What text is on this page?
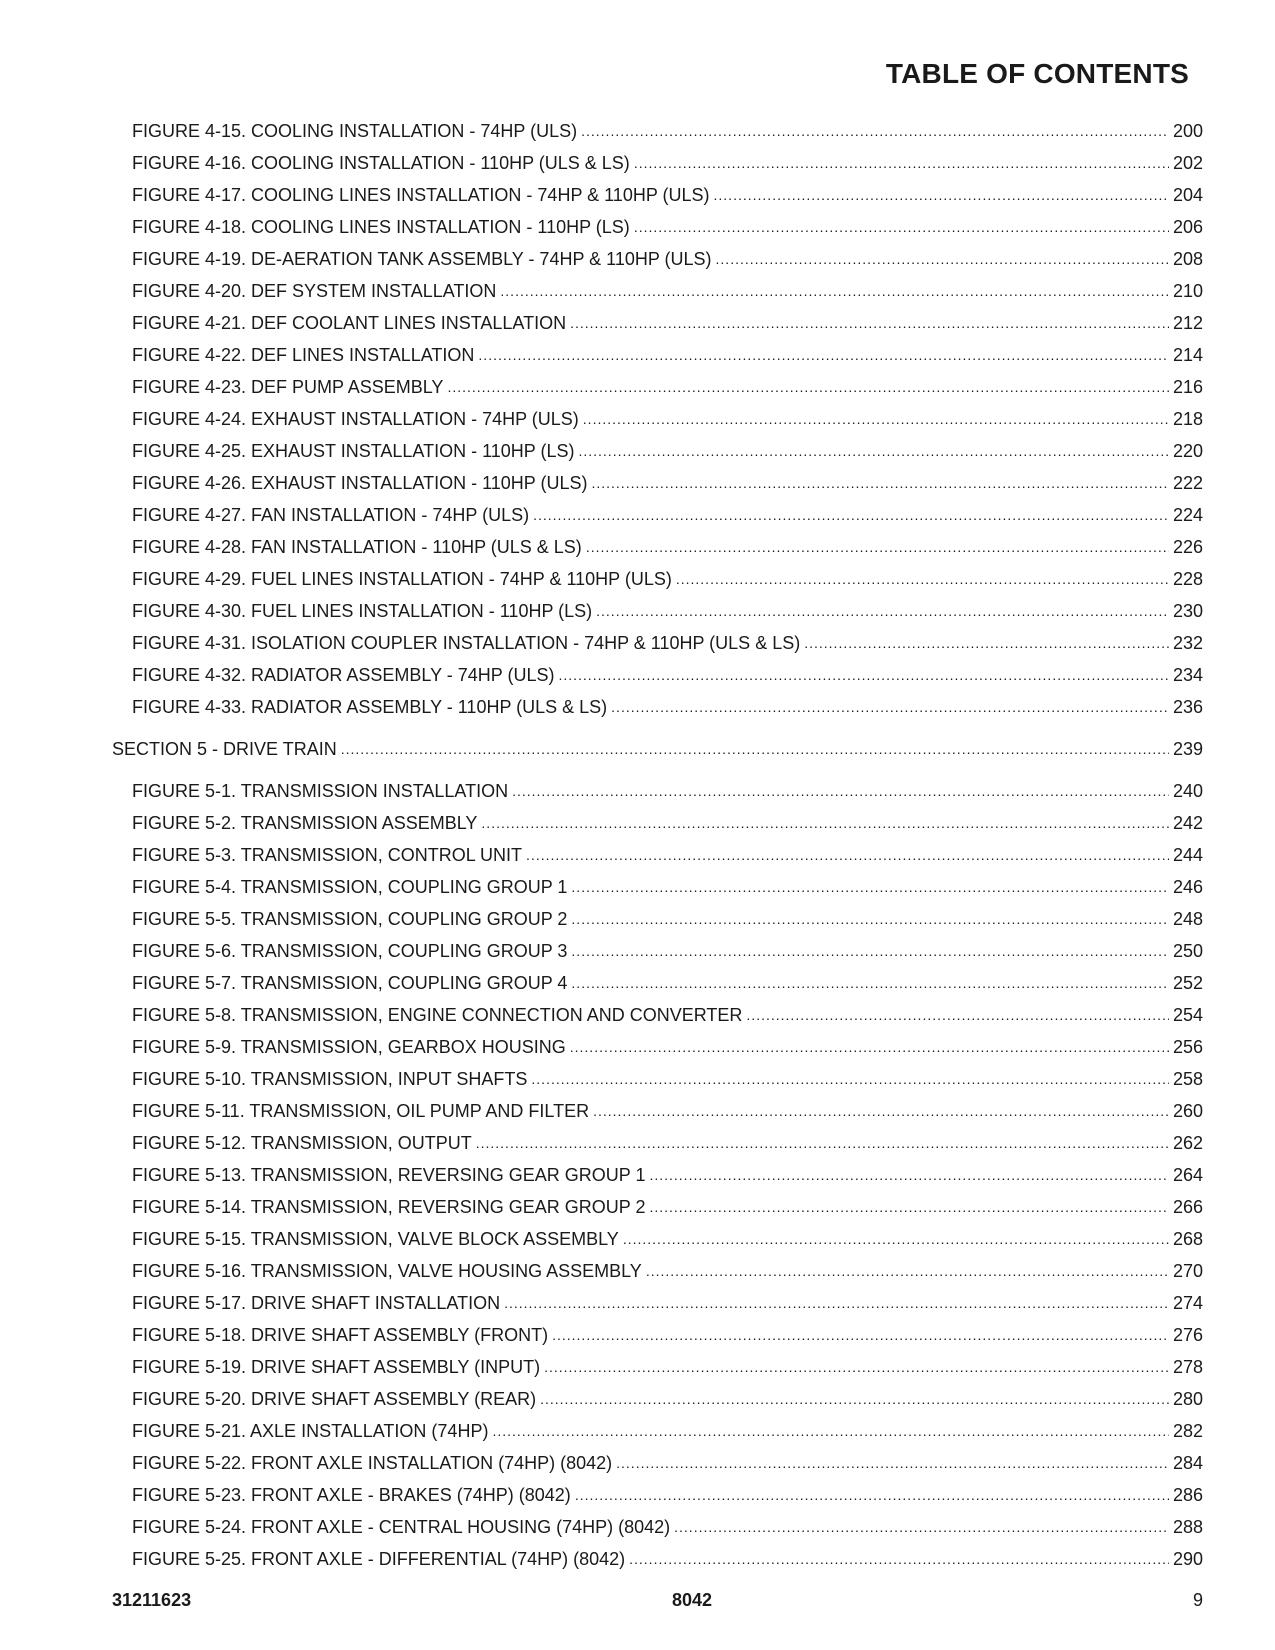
TABLE OF CONTENTS
FIGURE 4-15. COOLING INSTALLATION - 74HP (ULS) .....	200
FIGURE 4-16. COOLING INSTALLATION - 110HP (ULS & LS) .....	202
FIGURE 4-17. COOLING LINES INSTALLATION - 74HP & 110HP (ULS) .....	204
FIGURE 4-18. COOLING LINES INSTALLATION - 110HP (LS) .....	206
FIGURE 4-19. DE-AERATION TANK ASSEMBLY - 74HP & 110HP (ULS) .....	208
FIGURE 4-20. DEF SYSTEM INSTALLATION .....	210
FIGURE 4-21. DEF COOLANT LINES INSTALLATION .....	212
FIGURE 4-22. DEF LINES INSTALLATION .....	214
FIGURE 4-23. DEF PUMP ASSEMBLY .....	216
FIGURE 4-24. EXHAUST INSTALLATION - 74HP (ULS) .....	218
FIGURE 4-25. EXHAUST INSTALLATION - 110HP (LS) .....	220
FIGURE 4-26. EXHAUST INSTALLATION - 110HP (ULS) .....	222
FIGURE 4-27. FAN INSTALLATION - 74HP (ULS) .....	224
FIGURE 4-28. FAN INSTALLATION - 110HP (ULS & LS) .....	226
FIGURE 4-29. FUEL LINES INSTALLATION - 74HP & 110HP (ULS) .....	228
FIGURE 4-30. FUEL LINES INSTALLATION - 110HP (LS) .....	230
FIGURE 4-31. ISOLATION COUPLER INSTALLATION - 74HP & 110HP (ULS & LS) .....	232
FIGURE 4-32. RADIATOR ASSEMBLY - 74HP (ULS) .....	234
FIGURE 4-33. RADIATOR ASSEMBLY - 110HP (ULS & LS) .....	236
SECTION 5 - DRIVE TRAIN .....	239
FIGURE 5-1. TRANSMISSION INSTALLATION .....	240
FIGURE 5-2. TRANSMISSION ASSEMBLY .....	242
FIGURE 5-3. TRANSMISSION, CONTROL UNIT .....	244
FIGURE 5-4. TRANSMISSION, COUPLING GROUP 1 .....	246
FIGURE 5-5. TRANSMISSION, COUPLING GROUP 2 .....	248
FIGURE 5-6. TRANSMISSION, COUPLING GROUP 3 .....	250
FIGURE 5-7. TRANSMISSION, COUPLING GROUP 4 .....	252
FIGURE 5-8. TRANSMISSION, ENGINE CONNECTION AND CONVERTER .....	254
FIGURE 5-9. TRANSMISSION, GEARBOX HOUSING .....	256
FIGURE 5-10. TRANSMISSION, INPUT SHAFTS .....	258
FIGURE 5-11. TRANSMISSION, OIL PUMP AND FILTER .....	260
FIGURE 5-12. TRANSMISSION, OUTPUT .....	262
FIGURE 5-13. TRANSMISSION, REVERSING GEAR GROUP 1 .....	264
FIGURE 5-14. TRANSMISSION, REVERSING GEAR GROUP 2 .....	266
FIGURE 5-15. TRANSMISSION, VALVE BLOCK ASSEMBLY .....	268
FIGURE 5-16. TRANSMISSION, VALVE HOUSING ASSEMBLY .....	270
FIGURE 5-17. DRIVE SHAFT INSTALLATION .....	274
FIGURE 5-18. DRIVE SHAFT ASSEMBLY (FRONT) .....	276
FIGURE 5-19. DRIVE SHAFT ASSEMBLY (INPUT) .....	278
FIGURE 5-20. DRIVE SHAFT ASSEMBLY (REAR) .....	280
FIGURE 5-21. AXLE INSTALLATION (74HP) .....	282
FIGURE 5-22. FRONT AXLE INSTALLATION (74HP) (8042) .....	284
FIGURE 5-23. FRONT AXLE - BRAKES (74HP) (8042) .....	286
FIGURE 5-24. FRONT AXLE - CENTRAL HOUSING (74HP) (8042) .....	288
FIGURE 5-25. FRONT AXLE - DIFFERENTIAL (74HP) (8042) .....	290
31211623	8042	9
